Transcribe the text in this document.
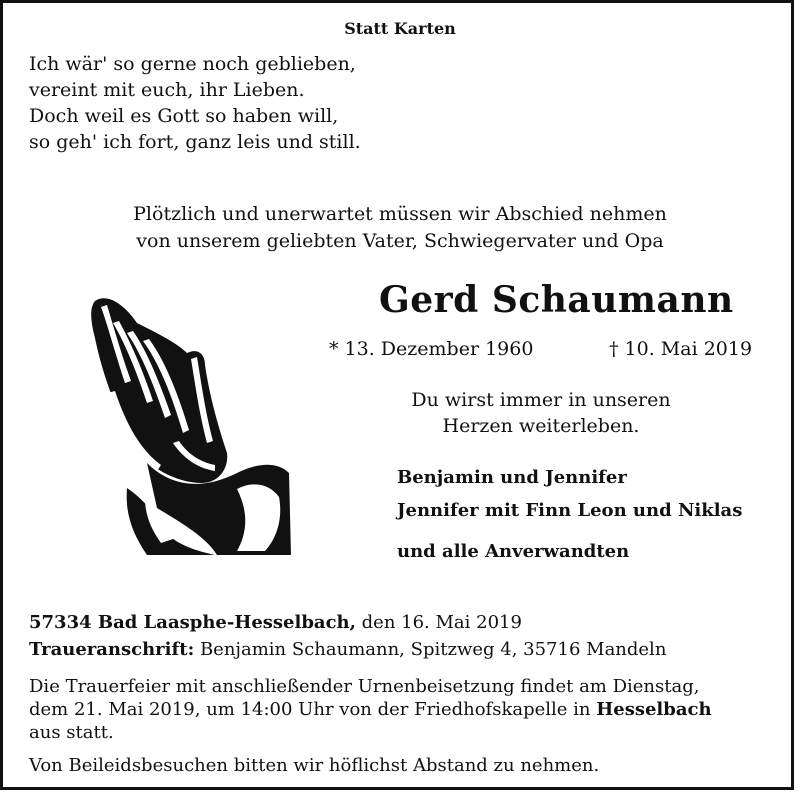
Statt Karten
Ich wär' so gerne noch geblieben,
vereint mit euch, ihr Lieben.
Doch weil es Gott so haben will,
so geh' ich fort, ganz leis und still.
Plötzlich und unerwartet müssen wir Abschied nehmen
von unserem geliebten Vater, Schwiegervater und Opa
Gerd Schaumann
* 13. Dezember 1960	† 10. Mai 2019
Du wirst immer in unseren
Herzen weiterleben.
Benjamin und Jennifer
Jennifer mit Finn Leon und Niklas
und alle Anverwandten
57334 Bad Laasphe-Hesselbach, den 16. Mai 2019
Traueranschrift: Benjamin Schaumann, Spitzweg 4, 35716 Mandeln
Die Trauerfeier mit anschließender Urnenbeisetzung findet am Dienstag,
dem 21. Mai 2019, um 14:00 Uhr von der Friedhofskapelle in Hesselbach
aus statt.
Von Beileidsbesuchen bitten wir höflichst Abstand zu nehmen.
